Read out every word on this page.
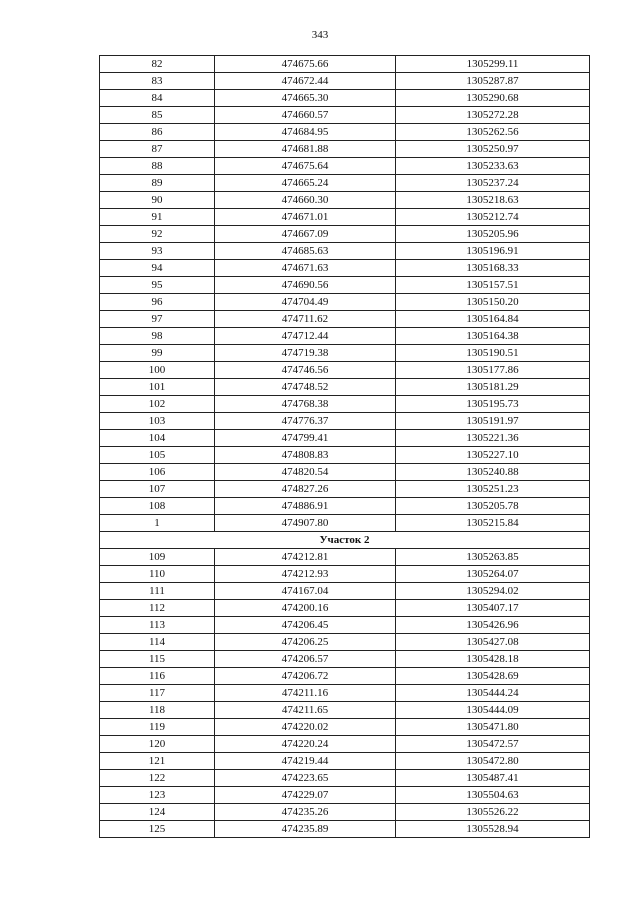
343
82	474675.66	1305299.11
83	474672.44	1305287.87
84	474665.30	1305290.68
85	474660.57	1305272.28
86	474684.95	1305262.56
87	474681.88	1305250.97
88	474675.64	1305233.63
89	474665.24	1305237.24
90	474660.30	1305218.63
91	474671.01	1305212.74
92	474667.09	1305205.96
93	474685.63	1305196.91
94	474671.63	1305168.33
95	474690.56	1305157.51
96	474704.49	1305150.20
97	474711.62	1305164.84
98	474712.44	1305164.38
99	474719.38	1305190.51
100	474746.56	1305177.86
101	474748.52	1305181.29
102	474768.38	1305195.73
103	474776.37	1305191.97
104	474799.41	1305221.36
105	474808.83	1305227.10
106	474820.54	1305240.88
107	474827.26	1305251.23
108	474886.91	1305205.78
1	474907.80	1305215.84
Участок 2		
109	474212.81	1305263.85
110	474212.93	1305264.07
111	474167.04	1305294.02
112	474200.16	1305407.17
113	474206.45	1305426.96
114	474206.25	1305427.08
115	474206.57	1305428.18
116	474206.72	1305428.69
117	474211.16	1305444.24
118	474211.65	1305444.09
119	474220.02	1305471.80
120	474220.24	1305472.57
121	474219.44	1305472.80
122	474223.65	1305487.41
123	474229.07	1305504.63
124	474235.26	1305526.22
125	474235.89	1305528.94
